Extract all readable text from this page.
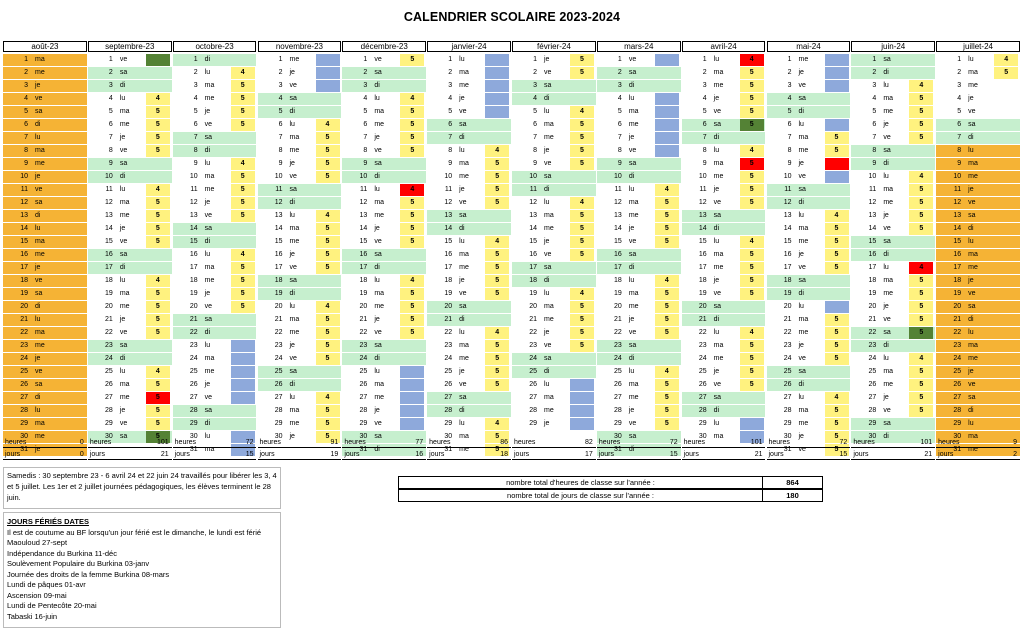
CALENDRIER SCOLAIRE 2023-2024
août-23
1 ma
2 me
3 je
4 ve
5 sa
6 di
7 lu
8 ma
9 me
10 je
11 ve
12 sa
13 di
14 lu
15 ma
16 me
17 je
18 ve
19 sa
20 di
21 lu
22 ma
23 me
24 je
25 ve
26 sa
27 di
28 lu
29 ma
30 me
31 je
septembre-23
1 ve
2 sa
3 di
4 lu	4
5 ma	5
6 me	5
7 je	5
8 ve	5
9 sa
10 di
11 lu	4
12 ma	5
13 me	5
14 je	5
15 ve	5
16 sa
17 di
18 lu	4
19 ma	5
20 me	5
21 je	5
22 ve	5
23 sa
24 di
25 lu	4
26 ma	5
27 me	5
28 je	5
29 ve	5
30 sa	5
octobre-23
1 di
2 lu	4
3 ma	5
4 me	5
5 je	5
6 ve	5
7 sa
8 di
9 lu	4
10 ma	5
11 me	5
12 je	5
13 ve	5
14 sa
15 di
16 lu	4
17 ma	5
18 me	5
19 je	5
20 ve	5
21 sa
22 di
23 lu
24 ma
25 me
26 je
27 ve
28 sa
29 di
30 lu
31 ma
novembre-23
1 me
2 je
3 ve
4 sa
5 di
6 lu	4
7 ma	5
8 me	5
9 je	5
10 ve	5
11 sa
12 di
13 lu	4
14 ma	5
15 me	5
16 je	5
17 ve	5
18 sa
19 di
20 lu	4
21 ma	5
22 me	5
23 je	5
24 ve	5
25 sa
26 di
27 lu	4
28 ma	5
29 me	5
30 je	5
décembre-23
1 ve	5
2 sa
3 di
4 lu	4
5 ma	5
6 me	5
7 je	5
8 ve	5
9 sa
10 di
11 lu	4
12 ma	5
13 me	5
14 je	5
15 ve	5
16 sa
17 di
18 lu	4
19 ma	5
20 me	5
21 je	5
22 ve	5
23 sa
24 di
25 lu
26 ma
27 me
28 je
29 ve
30 sa
31 di
janvier-24
1 lu
2 ma
3 me
4 je
5 ve
6 sa
7 di
8 lu	4
9 ma	5
10 me	5
11 je	5
12 ve	5
13 sa
14 di
15 lu	4
16 ma	5
17 me	5
18 je	5
19 ve	5
20 sa
21 di
22 lu	4
23 ma	5
24 me	5
25 je	5
26 ve	5
27 sa
28 di
29 lu	4
30 ma	5
31 me	5
février-24
1 je	5
2 ve	5
3 sa
4 di
5 lu	4
6 ma	5
7 me	5
8 je	5
9 ve	5
10 sa
11 di
12 lu	4
13 ma	5
14 me	5
15 je	5
16 ve	5
17 sa
18 di
19 lu	4
20 ma	5
21 me	5
22 je	5
23 ve	5
24 sa
25 di
26 lu
27 ma
28 me
29 je
mars-24
1 ve
2 sa
3 di
4 lu
5 ma
6 me
7 je
8 ve
9 sa
10 di
11 lu	4
12 ma	5
13 me	5
14 je	5
15 ve	5
16 sa
17 di
18 lu	4
19 ma	5
20 me	5
21 je	5
22 ve	5
23 sa
24 di
25 lu	4
26 ma	5
27 me	5
28 je	5
29 ve	5
30 sa
31 di
avril-24
1 lu	4
2 ma	5
3 me	5
4 je	5
5 ve	5
6 sa	5
7 di
8 lu	4
9 ma	5
10 me	5
11 je	5
12 ve	5
13 sa
14 di
15 lu	4
16 ma	5
17 me	5
18 je	5
19 ve	5
20 sa
21 di
22 lu	4
23 ma	5
24 me	5
25 je	5
26 ve	5
27 sa
28 di
29 lu
30 ma
mai-24
1 me
2 je
3 ve
4 sa
5 di
6 lu
7 ma	5
8 me	5
9 je
10 ve
11 sa
12 di
13 lu	4
14 ma	5
15 me	5
16 je	5
17 ve	5
18 sa
19 di
20 lu
21 ma	5
22 me	5
23 je	5
24 ve	5
25 sa
26 di
27 lu	4
28 ma	5
29 me	5
30 je	5
31 ve	5
juin-24
1 sa
2 di
3 lu	4
4 ma	5
5 me	5
6 je	5
7 ve	5
8 sa
9 di
10 lu	4
11 ma	5
12 me	5
13 je	5
14 ve	5
15 sa
16 di
17 lu	4
18 ma	5
19 me	5
20 je	5
21 ve	5
22 sa	5
23 di
24 lu	4
25 ma	5
26 me	5
27 je	5
28 ve	5
29 sa
30 di
juillet-24
1 lu	4
2 ma	5
3 me
4 je
5 ve
6 sa
7 di
8 lu
9 ma
10 me
11 je
12 ve
13 sa
14 di
15 lu
16 ma
17 me
18 je
19 ve
20 sa
21 di
22 lu
23 ma
24 me
25 je
26 ve
27 sa
28 di
29 lu
30 ma
31 me
heures	0
jours	0
heures	101
jours	21
heures	72
jours	15
heures	91
jours	19
heures	77
jours	16
heures	86
jours	18
heures	82
jours	17
heures	72
jours	15
heures	101
jours	21
heures	72
jours	15
heures	101
jours	21
heures	9
jours	2
Samedis : 30 septembre 23 - 6 avril 24 et 22 juin 24 travaillés pour libérer les 3, 4 et 5 juillet. Les 1er et 2 juillet journées pédagogiques, les élèves terminent le 28 juin.
JOURS FÉRIÉS DATES
Il est de coutume au BF lorsqu'un jour férié est le dimanche, le lundi est férié
Maouloud 27-sept
Indépendance du Burkina 11-déc
Soulèvement Populaire du Burkina 03-janv
Journée des droits de la femme Burkina 08-mars
Lundi de pâques 01-avr
Ascension 09-mai
Lundi de Pentecôte 20-mai
Tabaski 16-juin
nombre total d'heures de classe sur l'année :	864
nombre total de jours de classe sur l'année :	180
